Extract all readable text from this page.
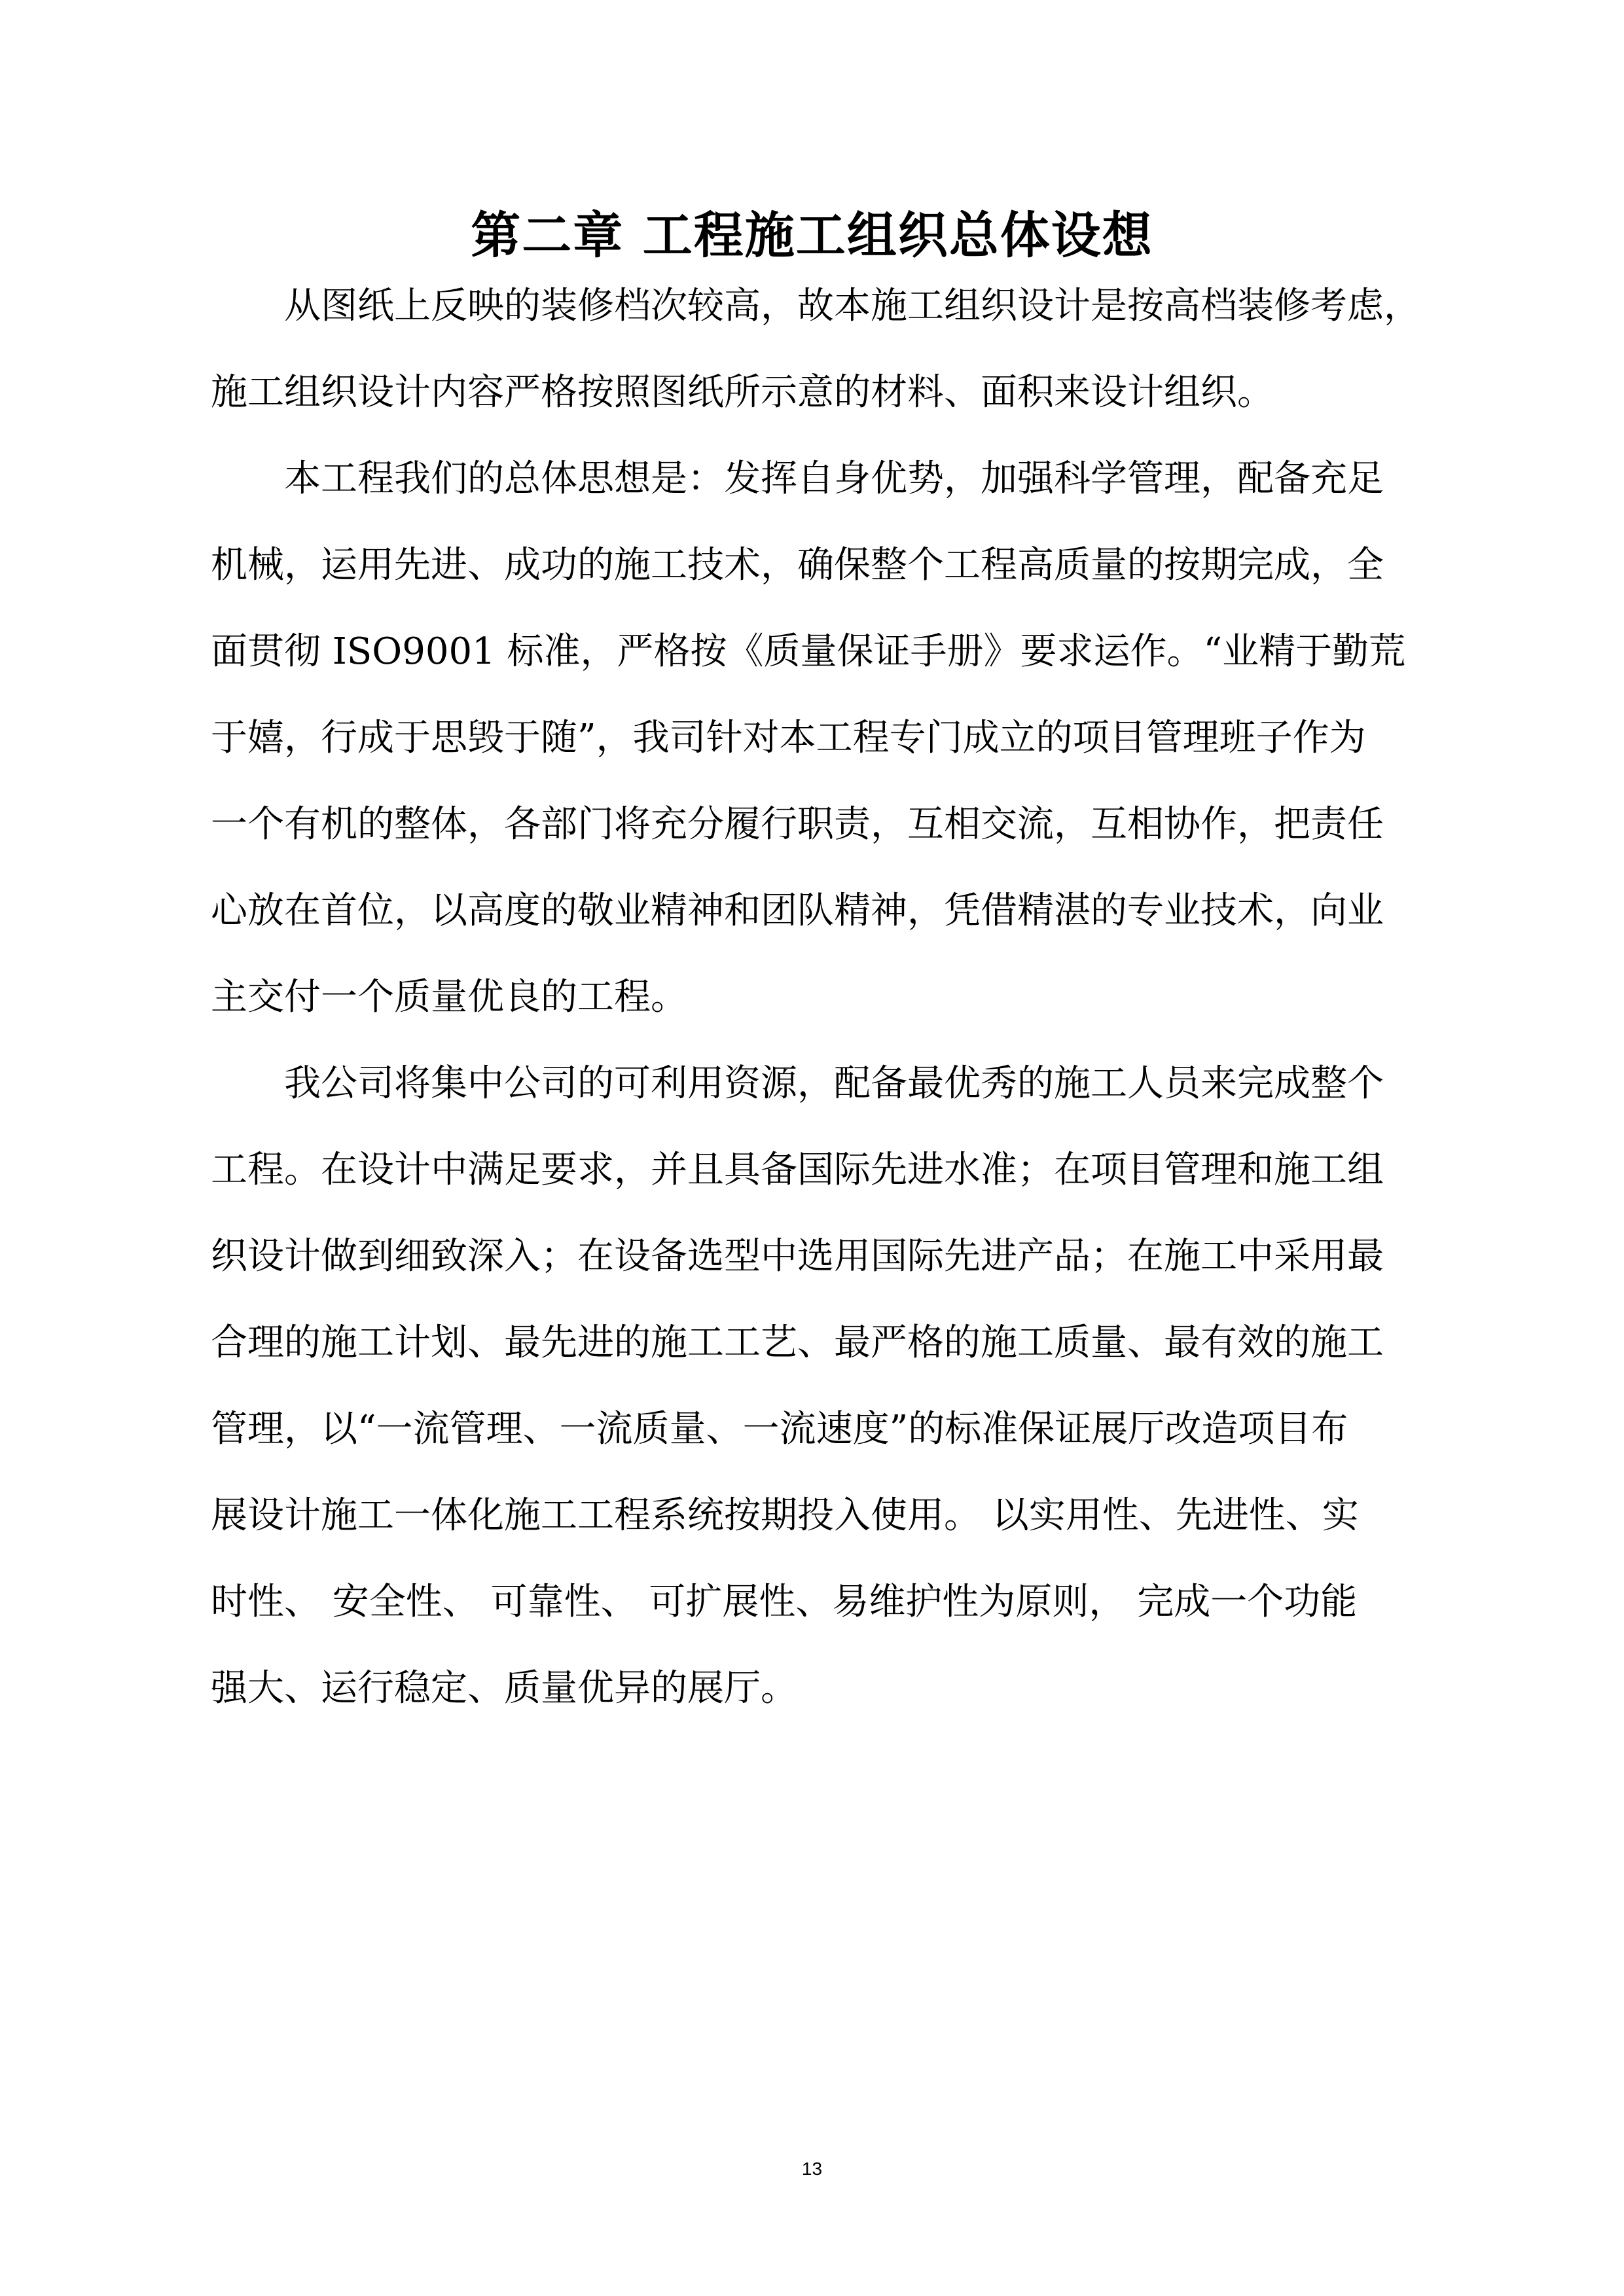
第二章 工程施工组织总体设想
从图纸上反映的装修档次较高，故本施工组织设计是按高档装修考虑，
施工组织设计内容严格按照图纸所示意的材料、面积来设计组织。
本工程我们的总体思想是：发挥自身优势，加强科学管理，配备充足
机械，运用先进、成功的施工技术，确保整个工程高质量的按期完成，全
面贯彻 ISO9001 标准，严格按《质量保证手册》要求运作。“业精于勤荒
于嬉，行成于思毁于随”，我司针对本工程专门成立的项目管理班子作为
一个有机的整体，各部门将充分履行职责，互相交流，互相协作，把责任
心放在首位，以高度的敬业精神和团队精神，凭借精湛的专业技术，向业
主交付一个质量优良的工程。
我公司将集中公司的可利用资源，配备最优秀的施工人员来完成整个
工程。在设计中满足要求，并且具备国际先进水准；在项目管理和施工组
织设计做到细致深入；在设备选型中选用国际先进产品；在施工中采用最
合理的施工计划、最先进的施工工艺、最严格的施工质量、最有效的施工
管理，以“一流管理、一流质量、一流速度”的标准保证展厅改造项目布
展设计施工一体化施工工程系统按期投入使用。 以实用性、先进性、实
时性、 安全性、 可靠性、 可扩展性、易维护性为原则， 完成一个功能
强大、运行稳定、质量优异的展厅。
13
